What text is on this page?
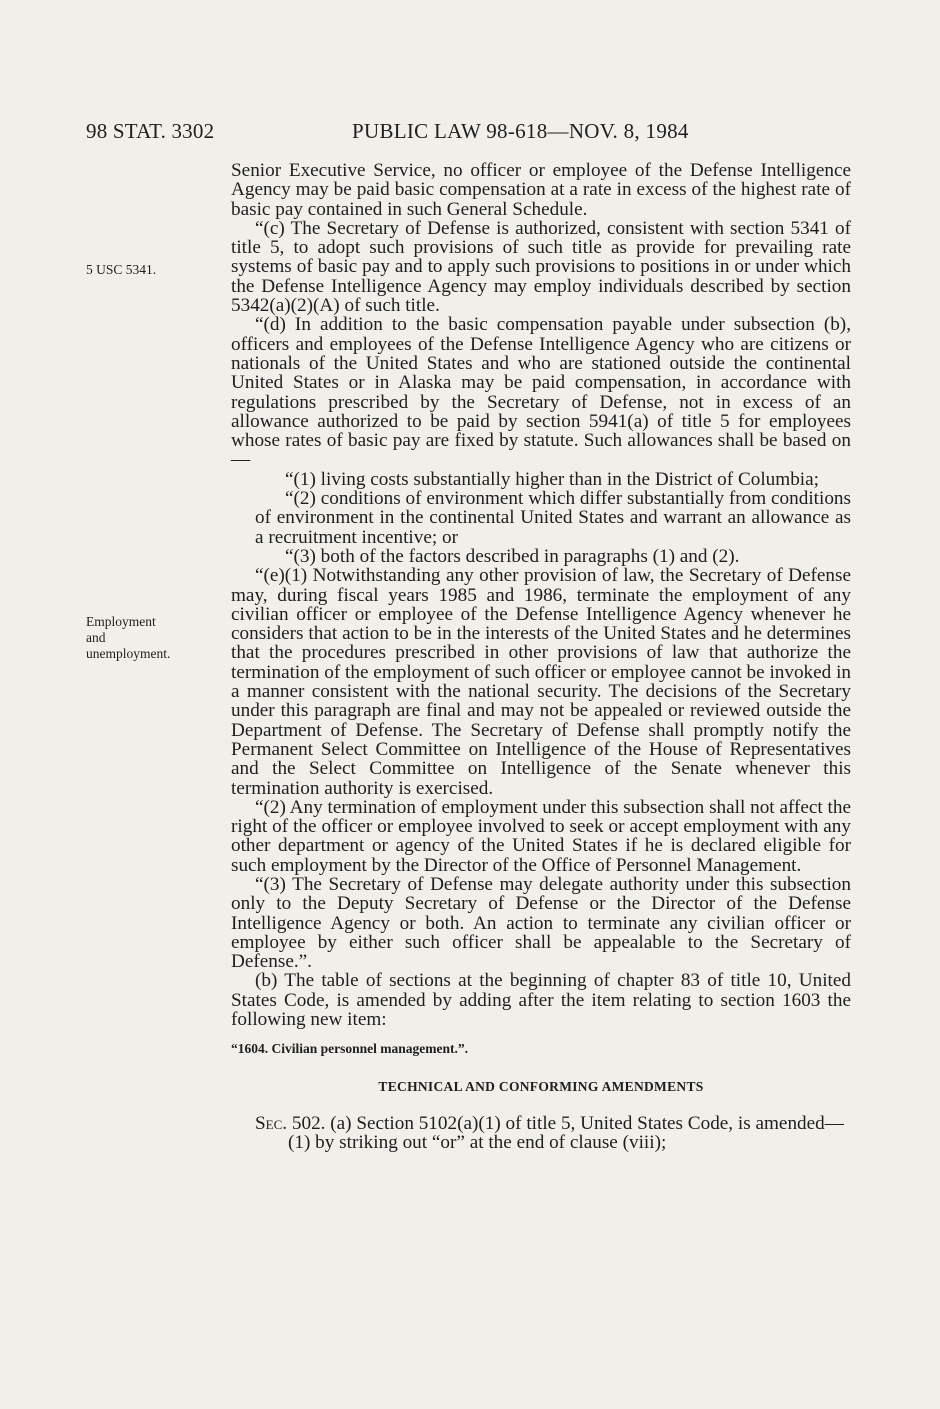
98 STAT. 3302	PUBLIC LAW 98-618—NOV. 8, 1984
5 USC 5341.
Employment
and
unemployment.

Senior Executive Service, no officer or employee of the Defense Intelligence Agency may be paid basic compensation at a rate in excess of the highest rate of basic pay contained in such General Schedule.

“(c) The Secretary of Defense is authorized, consistent with section 5341 of title 5, to adopt such provisions of such title as provide for prevailing rate systems of basic pay and to apply such provisions to positions in or under which the Defense Intelligence Agency may employ individuals described by section 5342(a)(2)(A) of such title.

“(d) In addition to the basic compensation payable under subsection (b), officers and employees of the Defense Intelligence Agency who are citizens or nationals of the United States and who are stationed outside the continental United States or in Alaska may be paid compensation, in accordance with regulations prescribed by the Secretary of Defense, not in excess of an allowance authorized to be paid by section 5941(a) of title 5 for employees whose rates of basic pay are fixed by statute. Such allowances shall be based on—

“(1) living costs substantially higher than in the District of Columbia;

“(2) conditions of environment which differ substantially from conditions of environment in the continental United States and warrant an allowance as a recruitment incentive; or

“(3) both of the factors described in paragraphs (1) and (2).

“(e)(1) Notwithstanding any other provision of law, the Secretary of Defense may, during fiscal years 1985 and 1986, terminate the employment of any civilian officer or employee of the Defense Intelligence Agency whenever he considers that action to be in the interests of the United States and he determines that the procedures prescribed in other provisions of law that authorize the termination of the employment of such officer or employee cannot be invoked in a manner consistent with the national security. The decisions of the Secretary under this paragraph are final and may not be appealed or reviewed outside the Department of Defense. The Secretary of Defense shall promptly notify the Permanent Select Committee on Intelligence of the House of Representatives and the Select Committee on Intelligence of the Senate whenever this termination authority is exercised.

“(2) Any termination of employment under this subsection shall not affect the right of the officer or employee involved to seek or accept employment with any other department or agency of the United States if he is declared eligible for such employment by the Director of the Office of Personnel Management.

“(3) The Secretary of Defense may delegate authority under this subsection only to the Deputy Secretary of Defense or the Director of the Defense Intelligence Agency or both. An action to terminate any civilian officer or employee by either such officer shall be appealable to the Secretary of Defense.”.

(b) The table of sections at the beginning of chapter 83 of title 10, United States Code, is amended by adding after the item relating to section 1603 the following new item:

“1604. Civilian personnel management.”.

TECHNICAL AND CONFORMING AMENDMENTS

Sec. 502. (a) Section 5102(a)(1) of title 5, United States Code, is amended—

(1) by striking out “or” at the end of clause (viii);
